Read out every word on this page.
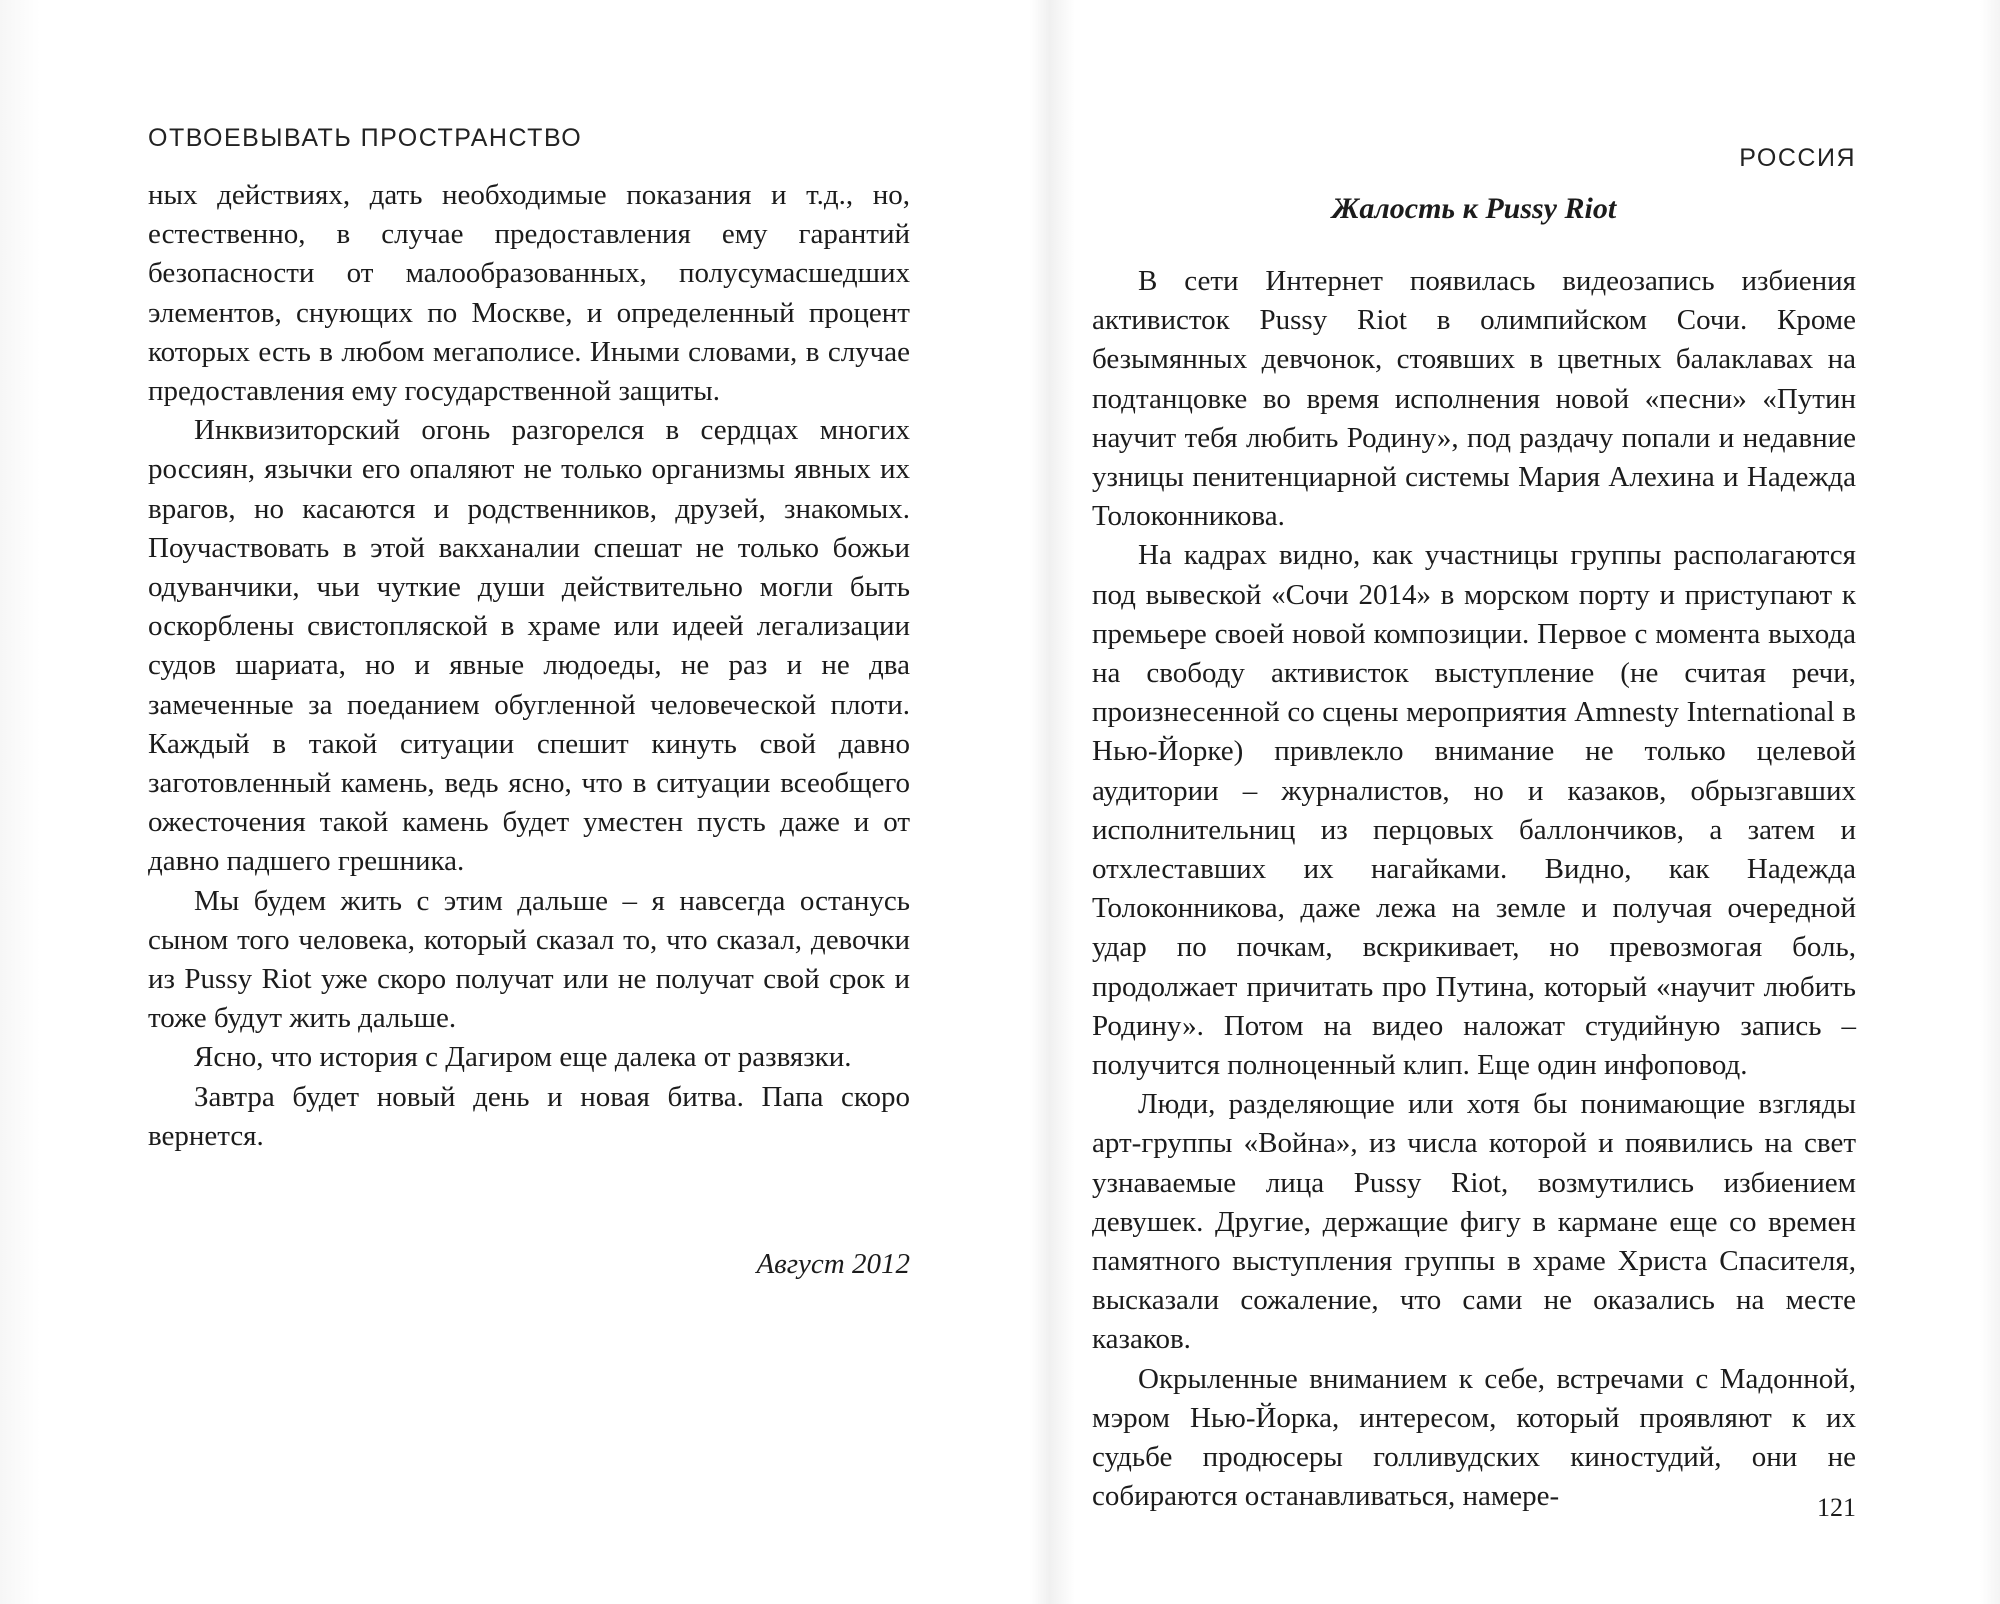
ОТВОЕВЫВАТЬ ПРОСТРАНСТВО

ных действиях, дать необходимые показания и т.д., но, естественно, в случае предоставления ему гарантий безопасности от малообразованных, полусумасшедших элементов, снующих по Москве, и определенный процент которых есть в любом мегаполисе. Иными словами, в случае предоставления ему государственной защиты.

Инквизиторский огонь разгорелся в сердцах многих россиян, язычки его опаляют не только организмы явных их врагов, но касаются и родственников, друзей, знакомых. Поучаствовать в этой вакханалии спешат не только божьи одуванчики, чьи чуткие души действительно могли быть оскорблены свистопляской в храме или идеей легализации судов шариата, но и явные людоеды, не раз и не два замеченные за поеданием обугленной человеческой плоти. Каждый в такой ситуации спешит кинуть свой давно заготовленный камень, ведь ясно, что в ситуации всеобщего ожесточения такой камень будет уместен пусть даже и от давно падшего грешника.

Мы будем жить с этим дальше – я навсегда останусь сыном того человека, который сказал то, что сказал, девочки из Pussy Riot уже скоро получат или не получат свой срок и тоже будут жить дальше.

Ясно, что история с Дагиром еще далека от развязки.

Завтра будет новый день и новая битва. Папа скоро вернется.

Август 2012
РОССИЯ
Жалость к Pussy Riot

В сети Интернет появилась видеозапись избиения активисток Pussy Riot в олимпийском Сочи. Кроме безымянных девчонок, стоявших в цветных балаклавах на подтанцовке во время исполнения новой «песни» «Путин научит тебя любить Родину», под раздачу попали и недавние узницы пенитенциарной системы Мария Алехина и Надежда Толоконникова.

На кадрах видно, как участницы группы располагаются под вывеской «Сочи 2014» в морском порту и приступают к премьере своей новой композиции. Первое с момента выхода на свободу активисток выступление (не считая речи, произнесенной со сцены мероприятия Amnesty International в Нью-Йорке) привлекло внимание не только целевой аудитории – журналистов, но и казаков, обрызгавших исполнительниц из перцовых баллончиков, а затем и отхлеставших их нагайками. Видно, как Надежда Толоконникова, даже лежа на земле и получая очередной удар по почкам, вскрикивает, но превозмогая боль, продолжает причитать про Путина, который «научит любить Родину». Потом на видео наложат студийную запись – получится полноценный клип. Еще один инфоповод.

Люди, разделяющие или хотя бы понимающие взгляды арт-группы «Война», из числа которой и появились на свет узнаваемые лица Pussy Riot, возмутились избиением девушек. Другие, держащие фигу в кармане еще со времен памятного выступления группы в храме Христа Спасителя, высказали сожаление, что сами не оказались на месте казаков.

Окрыленные вниманием к себе, встречами с Мадонной, мэром Нью-Йорка, интересом, который проявляют к их судьбе продюсеры голливудских киностудий, они не собираются останавливаться, намере-	121
